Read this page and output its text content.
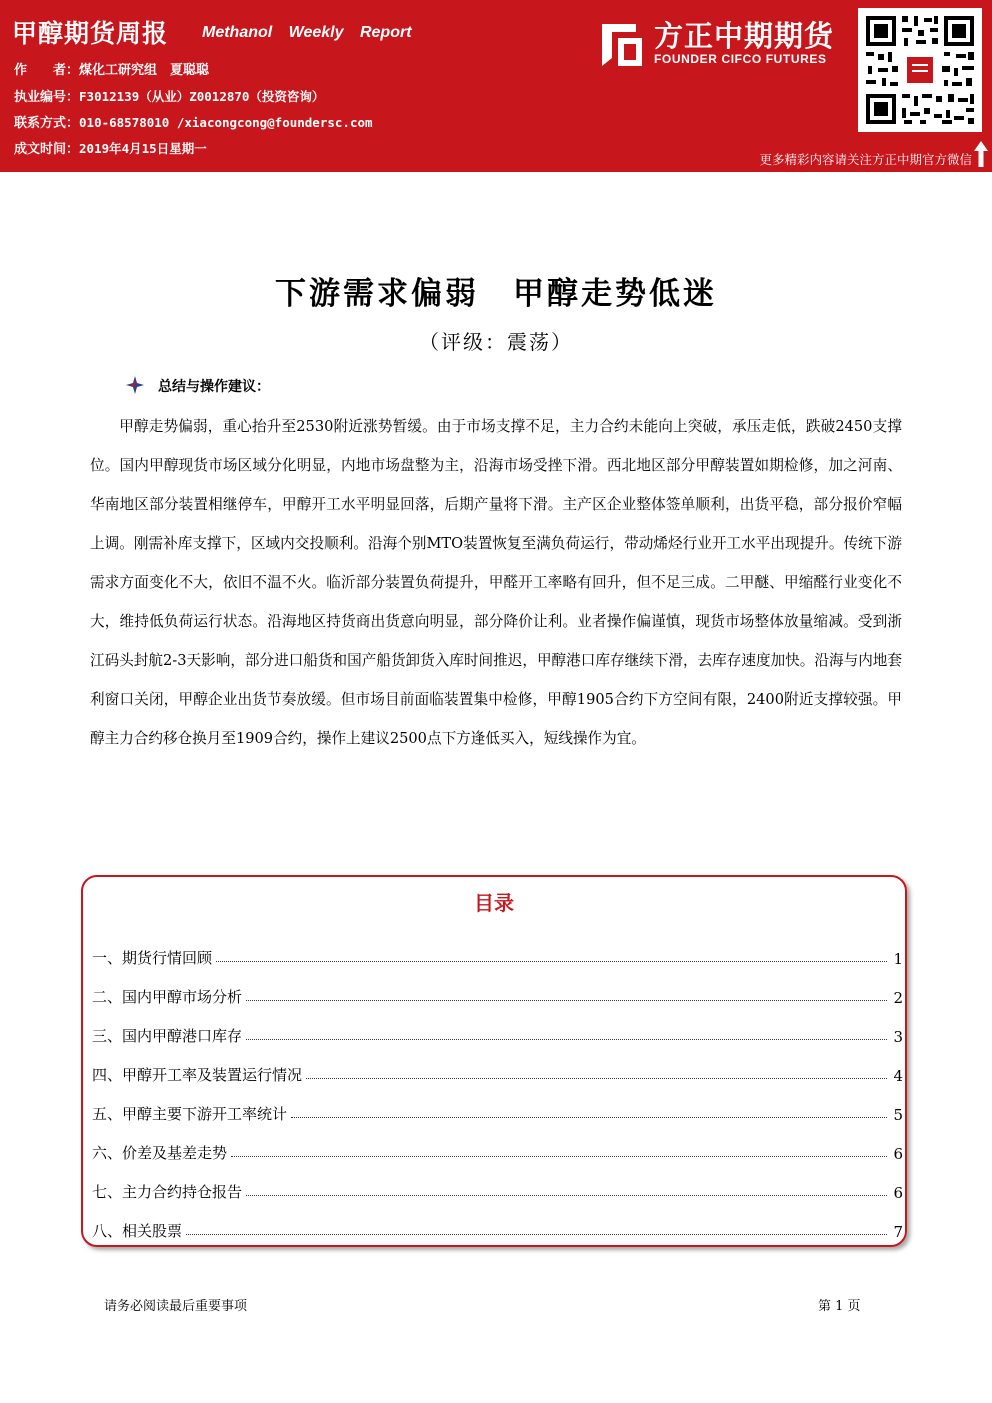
甲醇期货周报 Methanol Weekly Report
作　　者：煤化工研究组　夏聪聪
执业编号：F3012139（从业）Z0012870（投资咨询）
联系方式：010-68578010 /xiacongcong@foundersc.com
成文时间：2019年4月15日星期一
方正中期期货
FOUNDER CIFCO FUTURES
更多精彩内容请关注方正中期官方微信
下游需求偏弱　甲醇走势低迷
（评级：震荡）
总结与操作建议：

甲醇走势偏弱，重心抬升至2530附近涨势暂缓。由于市场支撑不足，主力合约未能向上突破，承压走低，跌破2450支撑位。国内甲醇现货市场区域分化明显，内地市场盘整为主，沿海市场受挫下滑。西北地区部分甲醇装置如期检修，加之河南、华南地区部分装置相继停车，甲醇开工水平明显回落，后期产量将下滑。主产区企业整体签单顺利，出货平稳，部分报价窄幅上调。刚需补库支撑下，区域内交投顺利。沿海个别MTO装置恢复至满负荷运行，带动烯烃行业开工水平出现提升。传统下游需求方面变化不大，依旧不温不火。临沂部分装置负荷提升，甲醛开工率略有回升，但不足三成。二甲醚、甲缩醛行业变化不大，维持低负荷运行状态。沿海地区持货商出货意向明显，部分降价让利。业者操作偏谨慎，现货市场整体放量缩减。受到浙江码头封航2-3天影响，部分进口船货和国产船货卸货入库时间推迟，甲醇港口库存继续下滑，去库存速度加快。沿海与内地套利窗口关闭，甲醇企业出货节奏放缓。但市场目前面临装置集中检修，甲醇1905合约下方空间有限，2400附近支撑较强。甲醇主力合约移仓换月至1909合约，操作上建议2500点下方逢低买入，短线操作为宜。

目录
一、期货行情回顾	1
二、国内甲醇市场分析	2
三、国内甲醇港口库存	3
四、甲醇开工率及装置运行情况	4
五、甲醇主要下游开工率统计	5
六、价差及基差走势	6
七、主力合约持仓报告	6
八、相关股票	7
请务必阅读最后重要事项	第 1 页
